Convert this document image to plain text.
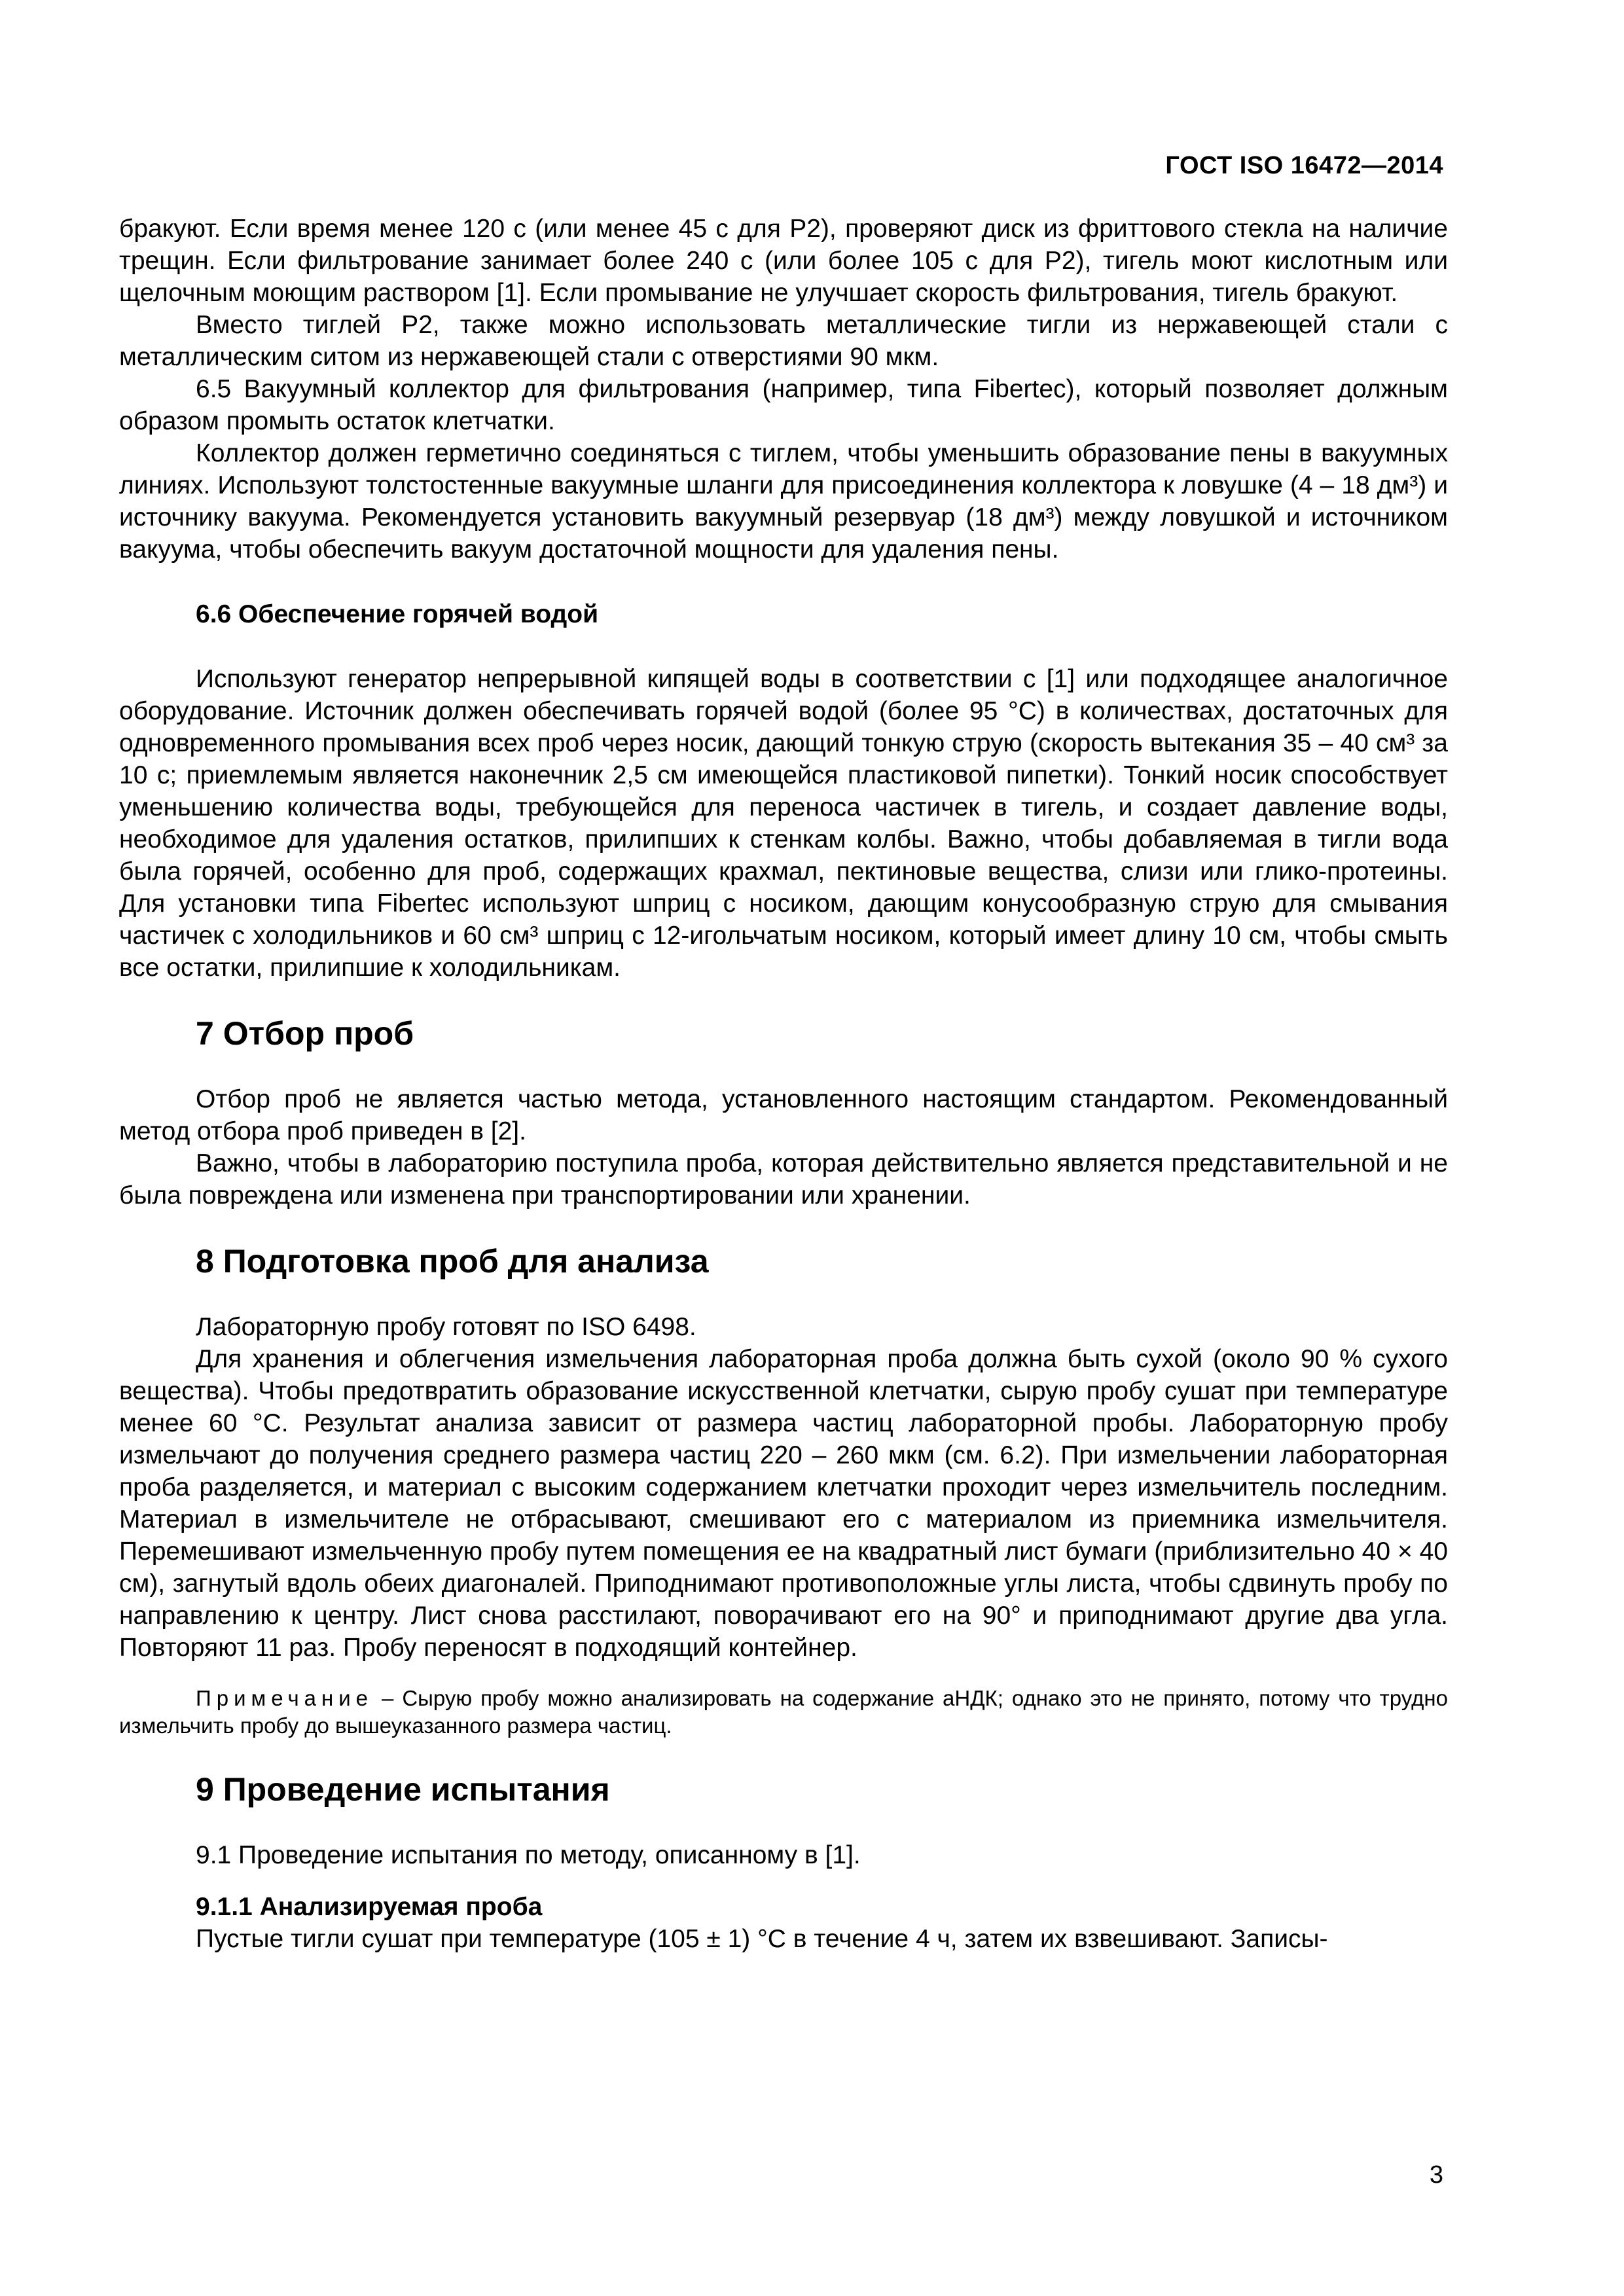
ГОСТ ISO 16472—2014

бракуют. Если время менее 120 с (или менее 45 с для P2), проверяют диск из фриттового стекла на наличие трещин. Если фильтрование занимает более 240 с (или более 105 с для P2), тигель моют кислотным или щелочным моющим раствором [1]. Если промывание не улучшает скорость фильтрования, тигель бракуют.

Вместо тиглей P2, также можно использовать металлические тигли из нержавеющей стали с металлическим ситом из нержавеющей стали с отверстиями 90 мкм.

6.5 Вакуумный коллектор для фильтрования (например, типа Fibertec), который позволяет должным образом промыть остаток клетчатки.

Коллектор должен герметично соединяться с тиглем, чтобы уменьшить образование пены в вакуумных линиях. Используют толстостенные вакуумные шланги для присоединения коллектора к ловушке (4 – 18 дм³) и источнику вакуума. Рекомендуется установить вакуумный резервуар (18 дм³) между ловушкой и источником вакуума, чтобы обеспечить вакуум достаточной мощности для удаления пены.

6.6 Обеспечение горячей водой

Используют генератор непрерывной кипящей воды в соответствии с [1] или подходящее аналогичное оборудование. Источник должен обеспечивать горячей водой (более 95 °C) в количествах, достаточных для одновременного промывания всех проб через носик, дающий тонкую струю (скорость вытекания 35 – 40 см³ за 10 с; приемлемым является наконечник 2,5 см имеющейся пластиковой пипетки). Тонкий носик способствует уменьшению количества воды, требующейся для переноса частичек в тигель, и создает давление воды, необходимое для удаления остатков, прилипших к стенкам колбы. Важно, чтобы добавляемая в тигли вода была горячей, особенно для проб, содержащих крахмал, пектиновые вещества, слизи или глико-протеины. Для установки типа Fibertec используют шприц с носиком, дающим конусообразную струю для смывания частичек с холодильников и 60 см³ шприц с 12-игольчатым носиком, который имеет длину 10 см, чтобы смыть все остатки, прилипшие к холодильникам.

7 Отбор проб

Отбор проб не является частью метода, установленного настоящим стандартом. Рекомендованный метод отбора проб приведен в [2].

Важно, чтобы в лабораторию поступила проба, которая действительно является представительной и не была повреждена или изменена при транспортировании или хранении.

8 Подготовка проб для анализа

Лабораторную пробу готовят по ISO 6498.

Для хранения и облегчения измельчения лабораторная проба должна быть сухой (около 90 % сухого вещества). Чтобы предотвратить образование искусственной клетчатки, сырую пробу сушат при температуре менее 60 °C. Результат анализа зависит от размера частиц лабораторной пробы. Лабораторную пробу измельчают до получения среднего размера частиц 220 – 260 мкм (см. 6.2). При измельчении лабораторная проба разделяется, и материал с высоким содержанием клетчатки проходит через измельчитель последним. Материал в измельчителе не отбрасывают, смешивают его с материалом из приемника измельчителя. Перемешивают измельченную пробу путем помещения ее на квадратный лист бумаги (приблизительно 40 × 40 см), загнутый вдоль обеих диагоналей. Приподнимают противоположные углы листа, чтобы сдвинуть пробу по направлению к центру. Лист снова расстилают, поворачивают его на 90° и приподнимают другие два угла. Повторяют 11 раз. Пробу переносят в подходящий контейнер.

Примечание – Сырую пробу можно анализировать на содержание аНДК; однако это не принято, потому что трудно измельчить пробу до вышеуказанного размера частиц.
9 Проведение испытания

9.1 Проведение испытания по методу, описанному в [1].

9.1.1 Анализируемая проба

Пустые тигли сушат при температуре (105 ± 1) °C в течение 4 ч, затем их взвешивают. Записы-

3
